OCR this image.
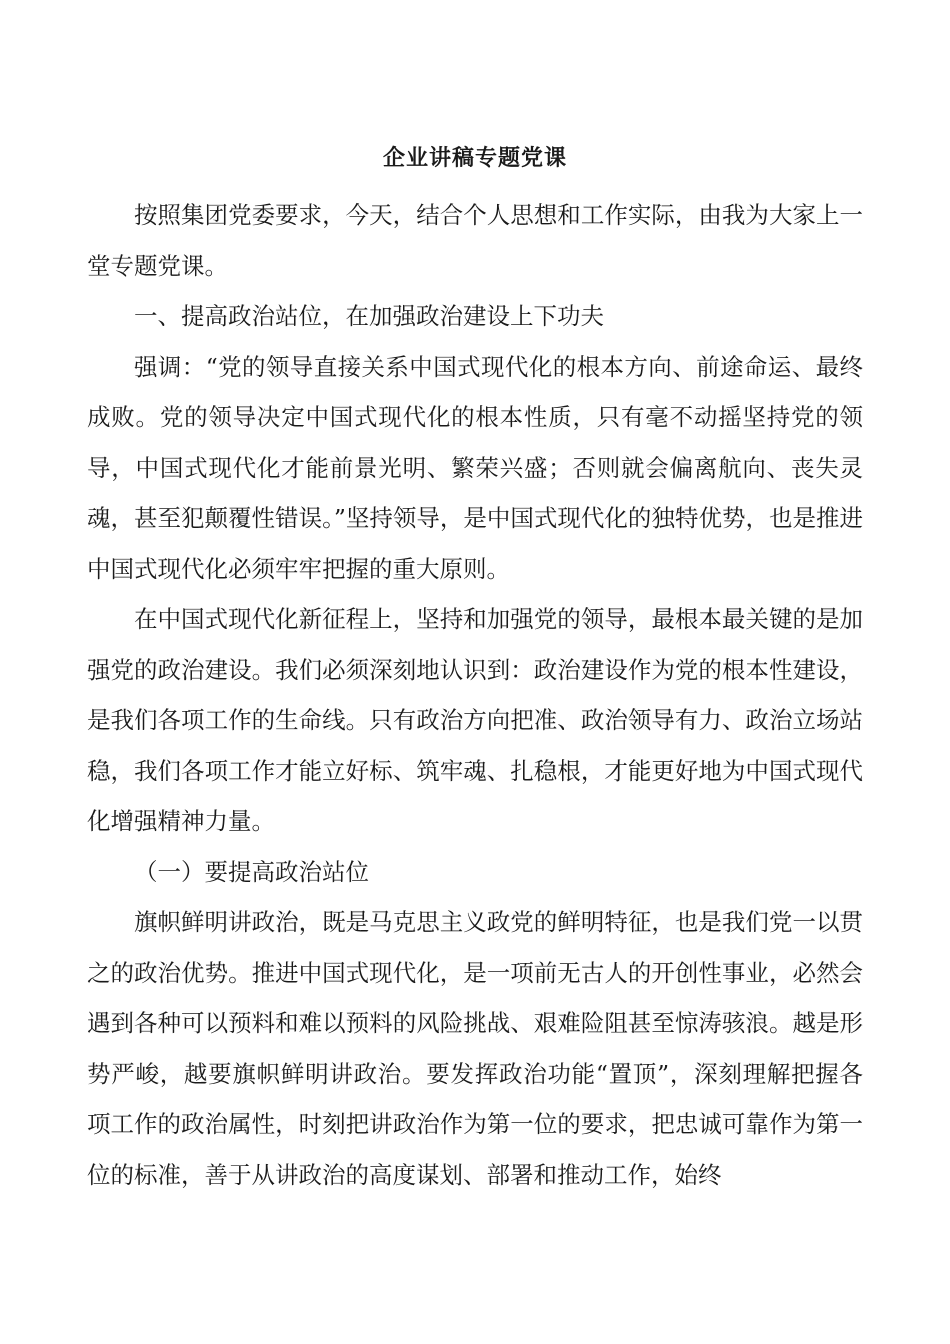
企业讲稿专题党课

按照集团党委要求，今天，结合个人思想和工作实际，由我为大家上一堂专题党课。

一、提高政治站位，在加强政治建设上下功夫

强调：“党的领导直接关系中国式现代化的根本方向、前途命运、最终成败。党的领导决定中国式现代化的根本性质，只有毫不动摇坚持党的领导，中国式现代化才能前景光明、繁荣兴盛；否则就会偏离航向、丧失灵魂，甚至犯颠覆性错误。”坚持领导，是中国式现代化的独特优势，也是推进中国式现代化必须牢牢把握的重大原则。

在中国式现代化新征程上，坚持和加强党的领导，最根本最关键的是加强党的政治建设。我们必须深刻地认识到：政治建设作为党的根本性建设，是我们各项工作的生命线。只有政治方向把准、政治领导有力、政治立场站稳，我们各项工作才能立好标、筑牢魂、扎稳根，才能更好地为中国式现代化增强精神力量。

（一）要提高政治站位

旗帜鲜明讲政治，既是马克思主义政党的鲜明特征，也是我们党一以贯之的政治优势。推进中国式现代化，是一项前无古人的开创性事业，必然会遇到各种可以预料和难以预料的风险挑战、艰难险阻甚至惊涛骇浪。越是形势严峻，越要旗帜鲜明讲政治。要发挥政治功能“置顶”，深刻理解把握各项工作的政治属性，时刻把讲政治作为第一位的要求，把忠诚可靠作为第一位的标准，善于从讲政治的高度谋划、部署和推动工作，始终
